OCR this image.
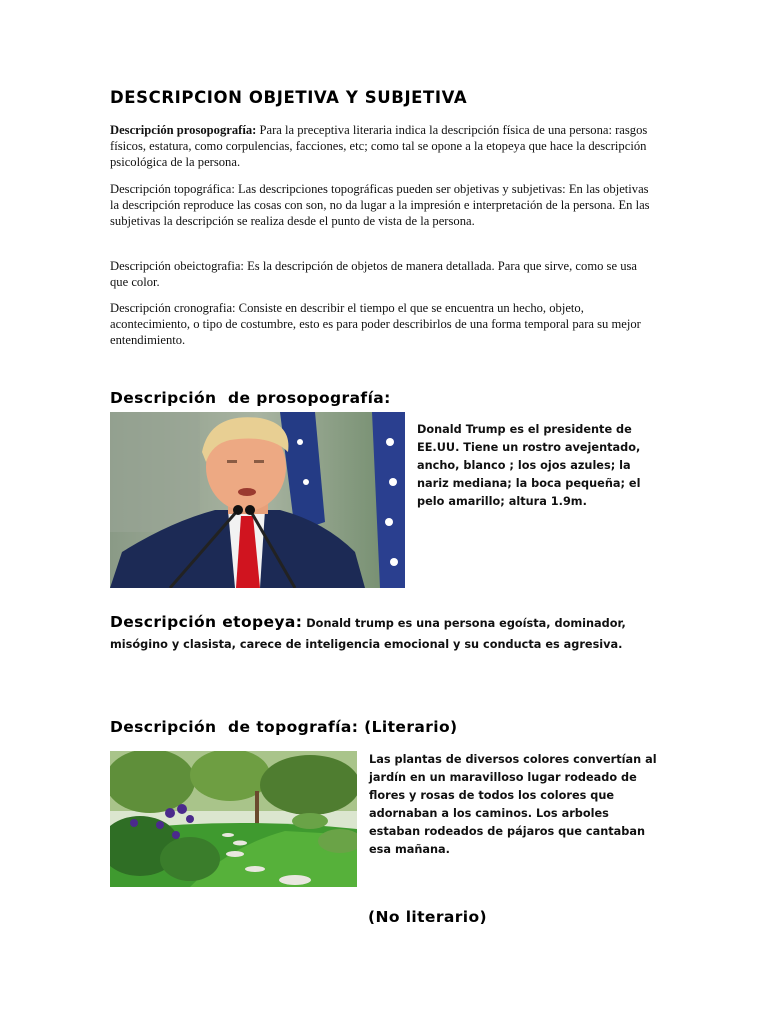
DESCRIPCION OBJETIVA Y SUBJETIVA
Descripción prosopografía: Para la preceptiva literaria indica la descripción física de una persona: rasgos físicos, estatura, como corpulencias, facciones, etc; como tal se opone a la etopeya que hace la descripción psicológica de la persona.
Descripción topográfica: Las descripciones topográficas pueden ser objetivas y subjetivas: En las objetivas la descripción reproduce las cosas con son, no da lugar a la impresión e interpretación de la persona. En las subjetivas la descripción se realiza desde el punto de vista de la persona.
Descripción obeictografia: Es la descripción de objetos de manera detallada. Para que sirve, como se usa que color.
Descripción cronografia: Consiste en describir el tiempo el que se encuentra un hecho, objeto, acontecimiento, o tipo de costumbre, esto es para poder describirlos de una forma temporal para su mejor entendimiento.
Descripción  de prosopografía:
Donald Trump es el presidente de EE.UU. Tiene un rostro avejentado, ancho, blanco ; los ojos azules; la nariz mediana; la boca pequeña; el pelo amarillo; altura 1.9m.
Descripción etopeya: Donald trump es una persona egoísta, dominador, misógino y clasista, carece de inteligencia emocional y su conducta es agresiva.
Descripción  de topografía: (Literario)
Las plantas de diversos colores convertían al jardín en un maravilloso lugar rodeado de flores y rosas de todos los colores que adornaban a los caminos. Los arboles estaban rodeados de pájaros que cantaban esa mañana.
(No literario)
